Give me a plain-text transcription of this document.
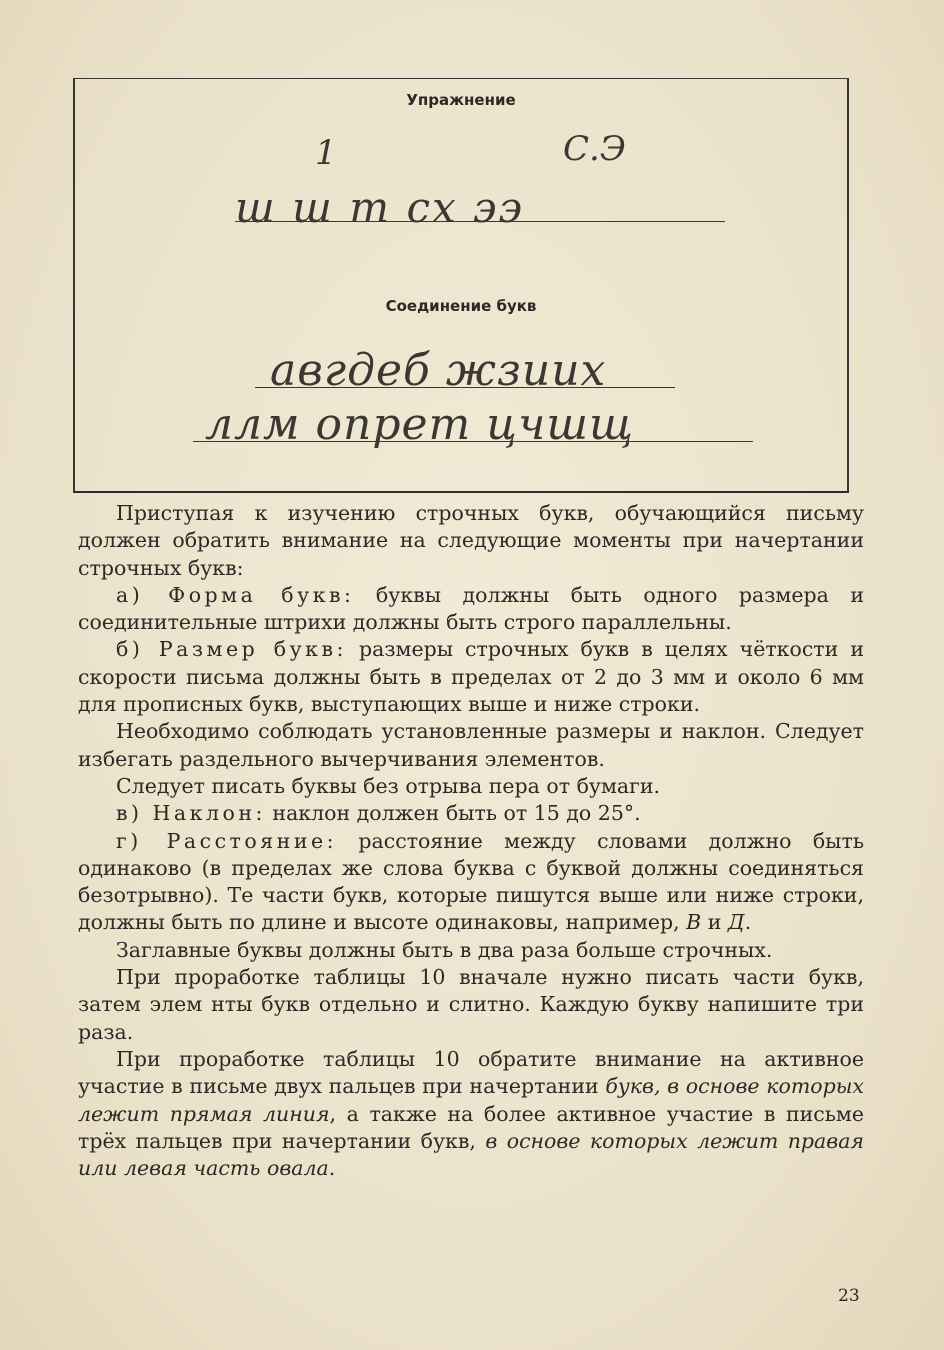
Упражнение
1	С.Э
ш ш т сх ээ
Соединение букв
авгдеб жзиих
ллм опрет цчшщ

Приступая к изучению строчных букв, обучающийся письму должен обратить внимание на следующие моменты при начертании строчных букв:

а) Форма букв: буквы должны быть одного размера и соединительные штрихи должны быть строго параллельны.

б) Размер букв: размеры строчных букв в целях чёткости и скорости письма должны быть в пределах от 2 до 3 мм и около 6 мм для прописных букв, выступающих выше и ниже строки.

Необходимо соблюдать установленные размеры и наклон. Следует избегать раздельного вычерчивания элементов.

Следует писать буквы без отрыва пера от бумаги.

в) Наклон: наклон должен быть от 15 до 25°.

г) Расстояние: расстояние между словами должно быть одинаково (в пределах же слова буква с буквой должны соединяться безотрывно). Те части букв, которые пишутся выше или ниже строки, должны быть по длине и высоте одинаковы, например, В и Д.

Заглавные буквы должны быть в два раза больше строчных.

При проработке таблицы 10 вначале нужно писать части букв, затем элем нты букв отдельно и слитно. Каждую букву напишите три раза.

При проработке таблицы 10 обратите внимание на активное участие в письме двух пальцев при начертании букв, в основе которых лежит прямая линия, а также на более активное участие в письме трёх пальцев при начертании букв, в основе которых лежит правая или левая часть овала.

23
